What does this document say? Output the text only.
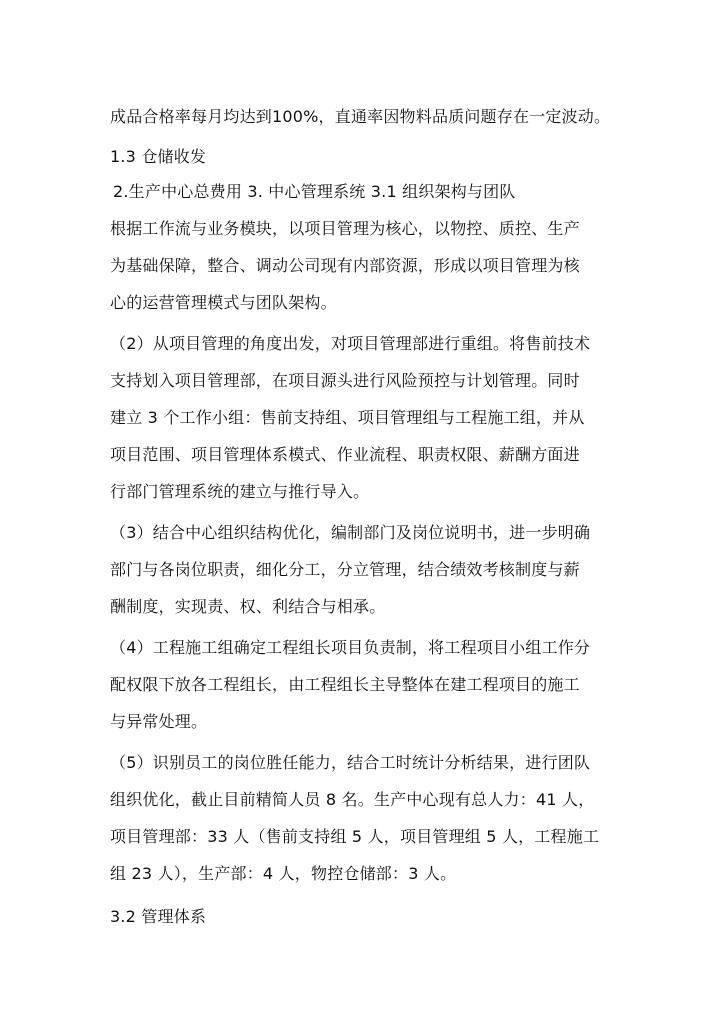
成品合格率每月均达到100%，直通率因物料品质问题存在一定波动。
1.3 仓储收发
2.生产中心总费用 3. 中心管理系统 3.1 组织架构与团队
根据工作流与业务模块，以项目管理为核心，以物控、质控、生产
为基础保障，整合、调动公司现有内部资源，形成以项目管理为核
心的运营管理模式与团队架构。
（2）从项目管理的角度出发，对项目管理部进行重组。将售前技术
支持划入项目管理部，在项目源头进行风险预控与计划管理。同时
建立 3 个工作小组：售前支持组、项目管理组与工程施工组，并从
项目范围、项目管理体系模式、作业流程、职责权限、薪酬方面进
行部门管理系统的建立与推行导入。
（3）结合中心组织结构优化，编制部门及岗位说明书，进一步明确
部门与各岗位职责，细化分工，分立管理，结合绩效考核制度与薪
酬制度，实现责、权、利结合与相承。
（4）工程施工组确定工程组长项目负责制，将工程项目小组工作分
配权限下放各工程组长，由工程组长主导整体在建工程项目的施工
与异常处理。
（5）识别员工的岗位胜任能力，结合工时统计分析结果，进行团队
组织优化，截止目前精简人员 8 名。生产中心现有总人力：41 人，
项目管理部：33 人（售前支持组 5 人，项目管理组 5 人，工程施工
组 23 人），生产部：4 人，物控仓储部：3 人。
3.2 管理体系
